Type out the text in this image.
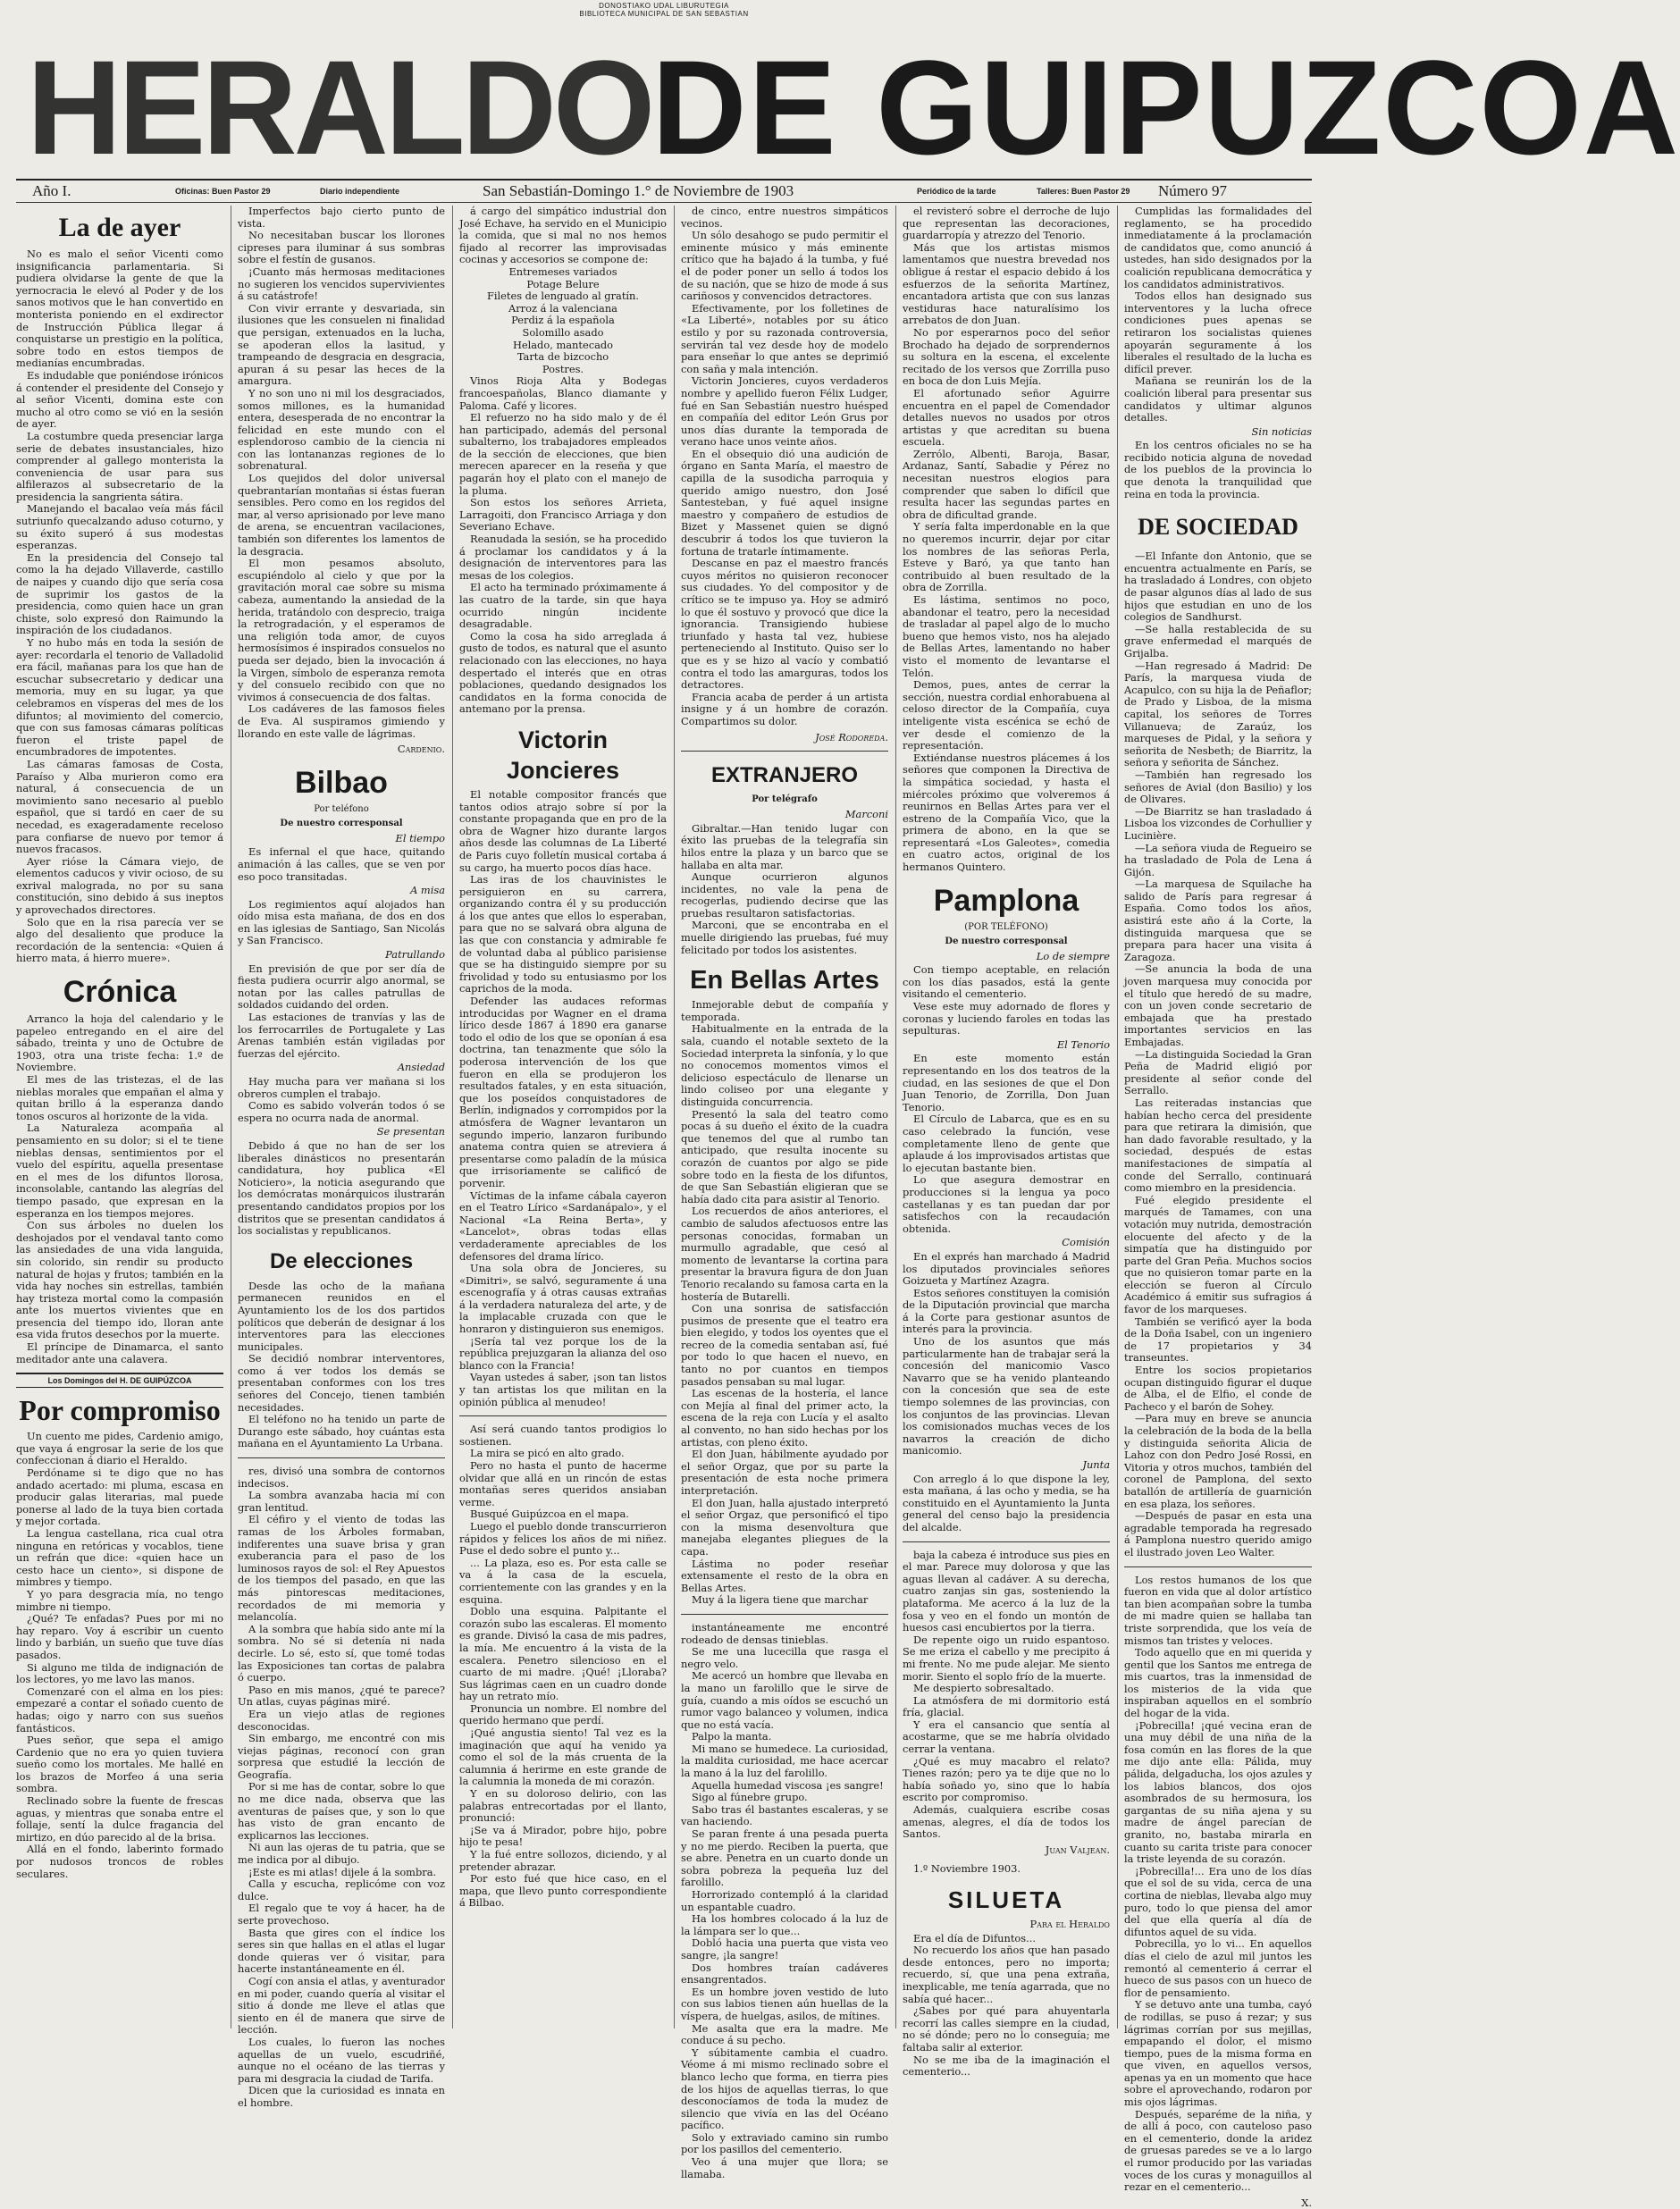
DONOSTIAKO UDAL LIBURUTEGIA
BIBLIOTECA MUNICIPAL DE SAN SEBASTIAN
HERALDODE GUIPUZCOA
Año I.	Oficinas: Buen Pastor 29	Diario independiente	San Sebastián-Domingo 1.° de Noviembre de 1903	Periódico de la tarde	Talleres: Buen Pastor 29 Número 97
La de ayer

No es malo el señor Vicenti como insignificancia parlamentaria. Si pudiera olvidarse la gente de que la yernocracia le elevó al Poder y de los sanos motivos que le han convertido en monterista poniendo en el exdirector de Instrucción Pública llegar á conquistarse un prestigio en la política, sobre todo en estos tiempos de medianías encumbradas.

Es indudable que poniéndose irónicos á contender el presidente del Consejo y al señor Vicenti, domina este con mucho al otro como se vió en la sesión de ayer.

La costumbre queda presenciar larga serie de debates insustanciales, hizo comprender al gallego monterista la conveniencia de usar para sus alfilerazos al subsecretario de la presidencia la sangrienta sátira.

Manejando el bacalao veía más fácil sutriunfo quecalzando aduso coturno, y su éxito superó á sus modestas esperanzas.

En la presidencia del Consejo tal como la ha dejado Villaverde, castillo de naipes y cuando dijo que sería cosa de suprimir los gastos de la presidencia, como quien hace un gran chiste, solo expresó don Raimundo la inspiración de los ciudadanos.

Y no hubo más en toda la sesión de ayer: recordarla el tenorio de Valladolid era fácil, mañanas para los que han de escuchar subsecretario y dedicar una memoria, muy en su lugar, ya que celebramos en vísperas del mes de los difuntos; al movimiento del comercio, que con sus famosas cámaras políticas fueron el triste papel de encumbradores de impotentes.

Las cámaras famosas de Costa, Paraíso y Alba murieron como era natural, á consecuencia de un movimiento sano necesario al pueblo español, que si tardó en caer de su necedad, es exageradamente receloso para confiarse de nuevo por temor á nuevos fracasos.

Ayer rióse la Cámara viejo, de elementos caducos y vivir ocioso, de su exrival malograda, no por su sana constitución, sino debido á sus ineptos y aprovechados directores.

Solo que en la risa parecía ver se algo del desaliento que produce la recordación de la sentencia: «Quien á hierro mata, á hierro muere».

Crónica

Arranco la hoja del calendario y le papeleo entregando en el aire del sábado, treinta y uno de Octubre de 1903, otra una triste fecha: 1.º de Noviembre.

El mes de las tristezas, el de las nieblas morales que empañan el alma y quitan brillo á la esperanza dando tonos oscuros al horizonte de la vida.

La Naturaleza acompaña al pensamiento en su dolor; si el te tiene nieblas densas, sentimientos por el vuelo del espíritu, aquella presentase en el mes de los difuntos llorosa, inconsolable, cantando las alegrías del tiempo pasado, que expresan en la esperanza en los tiempos mejores.

Con sus árboles no duelen los deshojados por el vendaval tanto como las ansiedades de una vida languida, sin colorido, sin rendir su producto natural de hojas y frutos; también en la vida hay noches sin estrellas, también hay tristeza mortal como la compasión ante los muertos vivientes que en presencia del tiempo ido, lloran ante esa vida frutos desechos por la muerte.

El príncipe de Dinamarca, el santo meditador ante una calavera.

Los Domingos del H. DE GUIPÚZCOA
Por compromiso

Un cuento me pides, Cardenio amigo, que vaya á engrosar la serie de los que confeccionan á diario el Heraldo.

Perdóname si te digo que no has andado acertado: mi pluma, escasa en producir galas literarias, mal puede ponerse al lado de la tuya bien cortada y mejor cortada.

La lengua castellana, rica cual otra ninguna en retóricas y vocablos, tiene un refrán que dice: «quien hace un cesto hace un ciento», si dispone de mimbres y tiempo.

Y yo para desgracia mía, no tengo mimbre ni tiempo.

¿Qué? Te enfadas? Pues por mi no hay reparo. Voy á escribir un cuento lindo y barbián, un sueño que tuve días pasados.

Si alguno me tilda de indignación de los lectores, yo me lavo las manos.

Comenzaré con el alma en los pies: empezaré a contar el soñado cuento de hadas; oigo y narro con sus sueños fantásticos.

Pues señor, que sepa el amigo Cardenio que no era yo quien tuviera sueño como los mortales. Me hallé en los brazos de Morfeo á una seria sombra.

Reclinado sobre la fuente de frescas aguas, y mientras que sonaba entre el follaje, sentí la dulce fragancia del mirtizo, en dúo parecido al de la brisa.

Allá en el fondo, laberinto formado por nudosos troncos de robles seculares.

Imperfectos bajo cierto punto de vista.

No necesitaban buscar los llorones cipreses para iluminar á sus sombras sobre el festín de gusanos.

¡Cuanto más hermosas meditaciones no sugieren los vencidos supervivientes á su catástrofe!

Con vivir errante y desvariada, sin ilusiones que les consuelen ni finalidad que persigan, extenuados en la lucha, se apoderan ellos la lasitud, y trampeando de desgracia en desgracia, apuran á su pesar las heces de la amargura.

Y no son uno ni mil los desgraciados, somos millones, es la humanidad entera, desesperada de no encontrar la felicidad en este mundo con el esplendoroso cambio de la ciencia ni con las lontananzas regiones de lo sobrenatural.

Los quejidos del dolor universal quebrantarían montañas si éstas fueran sensibles. Pero como en los regidos del mar, al verso aprisionado por leve mano de arena, se encuentran vacilaciones, también son diferentes los lamentos de la desgracia.

El mon pesamos absoluto, escupiéndolo al cielo y que por la gravitación moral cae sobre su misma cabeza, aumentando la ansiedad de la herida, tratándolo con desprecio, traiga la retrogradación, y el esperamos de una religión toda amor, de cuyos hermosísimos é inspirados consuelos no pueda ser dejado, bien la invocación á la Virgen, símbolo de esperanza remota y del consuelo recibido con que no vivimos á consecuencia de dos faltas.

Los cadáveres de las famosos fieles de Eva. Al suspiramos gimiendo y llorando en este valle de lágrimas.

Cardenio.
Bilbao
Por teléfono
De nuestro corresponsal
El tiempo

Es infernal el que hace, quitando animación á las calles, que se ven por eso poco transitadas.

A misa

Los regimientos aquí alojados han oído misa esta mañana, de dos en dos en las iglesias de Santiago, San Nicolás y San Francisco.

Patrullando

En previsión de que por ser día de fiesta pudiera ocurrir algo anormal, se notan por las calles patrullas de soldados cuidando del orden.

Las estaciones de tranvías y las de los ferrocarriles de Portugalete y Las Arenas también están vigiladas por fuerzas del ejército.

Ansiedad

Hay mucha para ver mañana si los obreros cumplen el trabajo.

Como es sabido volverán todos ó se espera no ocurra nada de anormal.

Se presentan

Debido á que no han de ser los liberales dinásticos no presentarán candidatura, hoy publica «El Noticiero», la noticia asegurando que los demócratas monárquicos ilustrarán presentando candidatos propios por los distritos que se presentan candidatos á los socialistas y republicanos.

De elecciones

Desde las ocho de la mañana permanecen reunidos en el Ayuntamiento los de los dos partidos políticos que deberán de designar á los interventores para las elecciones municipales.

Se decidió nombrar interventores, como á ver todos los demás se presentaban conformes con los tres señores del Concejo, tienen también necesidades.

El teléfono no ha tenido un parte de Durango este sábado, hoy cuántas esta mañana en el Ayuntamiento La Urbana.

res, divisó una sombra de contornos indecisos.

La sombra avanzaba hacia mí con gran lentitud.

El céfiro y el viento de todas las ramas de los Árboles formaban, indiferentes una suave brisa y gran exuberancia para el paso de los luminosos rayos de sol: el Rey Apuestos de los tiempos del pasado, en que las más pintorescas meditaciones, recordados de mi memoria y melancolía.

A la sombra que había sido ante mí la sombra. No sé si detenía ni nada decirle. Lo sé, esto sí, que tomé todas las Exposiciones tan cortas de palabra ó cuerpo.

Paso en mis manos, ¿qué te parece? Un atlas, cuyas páginas miré.

Era un viejo atlas de regiones desconocidas.

Sin embargo, me encontré con mis viejas páginas, reconocí con gran sorpresa que estudié la lección de Geografía.

Por si me has de contar, sobre lo que no me dice nada, observa que las aventuras de países que, y son lo que has visto de gran encanto de explicarnos las lecciones.

Ni aun las ojeras de tu patria, que se me indica por al dibujo.

¡Este es mi atlas! dijele á la sombra.

Calla y escucha, replicóme con voz dulce.

El regalo que te voy á hacer, ha de serte provechoso.

Basta que gires con el índice los seres sin que hallas en el atlas el lugar donde quieras ver ó visitar, para hacerte instantáneamente en él.

Cogí con ansia el atlas, y aventurador en mi poder, cuando quería al visitar el sitio á donde me lleve el atlas que siento en él de manera que sirve de lección.

Los cuales, lo fueron las noches aquellas de un vuelo, escudriñé, aunque no el océano de las tierras y para mi desgracia la ciudad de Tarifa.

Dicen que la curiosidad es innata en el hombre.

á cargo del simpático industrial don José Echave, ha servido en el Municipio la comida, que si mal no nos hemos fijado al recorrer las improvisadas cocinas y accesorios se compone de:

Entremeses variados
Potage Belure
Filetes de lenguado al gratín.
Arroz á la valenciana
Perdiz á la española
Solomillo asado
Helado, mantecado
Tarta de bizcocho
Postres.

Vinos Rioja Alta y Bodegas francoespañolas, Blanco diamante y Paloma. Café y licores.

El refuerzo no ha sido malo y de él han participado, además del personal subalterno, los trabajadores empleados de la sección de elecciones, que bien merecen aparecer en la reseña y que pagarán hoy el plato con el manejo de la pluma.

Son estos los señores Arrieta, Larragoiti, don Francisco Arriaga y don Severiano Echave.

Reanudada la sesión, se ha procedido á proclamar los candidatos y á la designación de interventores para las mesas de los colegios.

El acto ha terminado próximamente á las cuatro de la tarde, sin que haya ocurrido ningún incidente desagradable.

Como la cosa ha sido arreglada á gusto de todos, es natural que el asunto relacionado con las elecciones, no haya despertado el interés que en otras poblaciones, quedando designados los candidatos en la forma conocida de antemano por la prensa.

Victorin Joncieres

El notable compositor francés que tantos odios atrajo sobre sí por la constante propaganda que en pro de la obra de Wagner hizo durante largos años desde las columnas de La Liberté de Paris cuyo folletín musical cortaba á su cargo, ha muerto pocos días hace.

Las iras de los chauvinistes le persiguieron en su carrera, organizando contra él y su producción á los que antes que ellos lo esperaban, para que no se salvará obra alguna de las que con constancia y admirable fe de voluntad daba al público parisiense que se ha distinguido siempre por su frivolidad y todo su entusiasmo por los caprichos de la moda.

Defender las audaces reformas introducidas por Wagner en el drama lírico desde 1867 á 1890 era ganarse todo el odio de los que se oponían á esa doctrina, tan tenazmente que sólo la poderosa intervención de los que fueron en ella se produjeron los resultados fatales, y en esta situación, que los poseídos conquistadores de Berlín, indignados y corrompidos por la atmósfera de Wagner levantaron un segundo imperio, lanzaron furibundo anatema contra quien se atreviera á presentarse como paladín de la música que irrisoriamente se calificó de porvenir.

Víctimas de la infame cábala cayeron en el Teatro Lírico «Sardanápalo», y el Nacional «La Reina Berta», y «Lancelot», obras todas ellas verdaderamente apreciables de los defensores del drama lírico.

Una sola obra de Joncieres, su «Dimitri», se salvó, seguramente á una escenografía y á otras causas extrañas á la verdadera naturaleza del arte, y de la implacable cruzada con que le honraron y distinguieron sus enemigos.

¡Sería tal vez porque los de la república prejuzgaran la alianza del oso blanco con la Francia!

Vayan ustedes á saber, ¡son tan listos y tan artistas los que militan en la opinión pública al menudeo!

Así será cuando tantos prodigios lo sostienen.

La mira se picó en alto grado.

Pero no hasta el punto de hacerme olvidar que allá en un rincón de estas montañas seres queridos ansiaban verme.

Busqué Guipúzcoa en el mapa.

Luego el pueblo donde transcurrieron rápidos y felices los años de mi niñez. Puse el dedo sobre el punto y...

... La plaza, eso es. Por esta calle se va á la casa de la escuela, corrientemente con las grandes y en la esquina.

Doblo una esquina. Palpitante el corazón subo las escaleras. El momento es grande. Divisó la casa de mis padres, la mía. Me encuentro á la vista de la escalera. Penetro silencioso en el cuarto de mi madre. ¡Qué! ¡Lloraba? Sus lágrimas caen en un cuadro donde hay un retrato mío.

Pronuncia un nombre. El nombre del querido hermano que perdí.

¡Qué angustia siento! Tal vez es la imaginación que aquí ha venido ya como el sol de la más cruenta de la calumnia á herirme en este grande de la calumnia la moneda de mi corazón.

Y en su doloroso delirio, con las palabras entrecortadas por el llanto, pronunció:

¡Se va á Mirador, pobre hijo, pobre hijo te pesa!

Y la fué entre sollozos, diciendo, y al pretender abrazar.

Por esto fué que hice caso, en el mapa, que llevo punto correspondiente á Bilbao.

de cinco, entre nuestros simpáticos vecinos.

Un sólo desahogo se pudo permitir el eminente músico y más eminente crítico que ha bajado á la tumba, y fué el de poder poner un sello á todos los de su nación, que se hizo de mode á sus cariñosos y convencidos detractores.

Efectivamente, por los folletines de «La Liberté», notables por su ático estilo y por su razonada controversia, servirán tal vez desde hoy de modelo para enseñar lo que antes se deprimió con saña y mala intención.

Victorin Joncieres, cuyos verdaderos nombre y apellido fueron Félix Ludger, fué en San Sebastián nuestro huésped en compañía del editor León Grus por unos días durante la temporada de verano hace unos veinte años.

En el obsequio dió una audición de órgano en Santa María, el maestro de capilla de la susodicha parroquia y querido amigo nuestro, don José Santesteban, y fué aquel insigne maestro y compañero de estudios de Bizet y Massenet quien se dignó descubrir á todos los que tuvieron la fortuna de tratarle íntimamente.

Descanse en paz el maestro francés cuyos méritos no quisieron reconocer sus ciudades. Yo del compositor y de crítico se te impuso ya. Hoy se admiró lo que él sostuvo y provocó que dice la ignorancia. Transigiendo hubiese triunfado y hasta tal vez, hubiese perteneciendo al Instituto. Quiso ser lo que es y se hizo al vacío y combatió contra el todo las amarguras, todos los detractores.

Francia acaba de perder á un artista insigne y á un hombre de corazón. Compartimos su dolor.

José Rodoreda.
EXTRANJERO
Por telégrafo
Marconi

Gibraltar.—Han tenido lugar con éxito las pruebas de la telegrafía sin hilos entre la plaza y un barco que se hallaba en alta mar.

Aunque ocurrieron algunos incidentes, no vale la pena de recogerlas, pudiendo decirse que las pruebas resultaron satisfactorias.

Marconi, que se encontraba en el muelle dirigiendo las pruebas, fué muy felicitado por todos los asistentes.

En Bellas Artes

Inmejorable debut de compañía y temporada.

Habitualmente en la entrada de la sala, cuando el notable sexteto de la Sociedad interpreta la sinfonía, y lo que no conocemos momentos vimos el delicioso espectáculo de llenarse un lindo coliseo por una elegante y distinguida concurrencia.

Presentó la sala del teatro como pocas á su dueño el éxito de la cuadra que tenemos del que al rumbo tan anticipado, que resulta inocente su corazón de cuantos por algo se pide sobre todo en la fiesta de los difuntos, de que San Sebastián eligieran que se había dado cita para asistir al Tenorio.

Los recuerdos de años anteriores, el cambio de saludos afectuosos entre las personas conocidas, formaban un murmullo agradable, que cesó al momento de levantarse la cortina para presentar la bravura figura de don Juan Tenorio recalando su famosa carta en la hostería de Butarelli.

Con una sonrisa de satisfacción pusimos de presente que el teatro era bien elegido, y todos los oyentes que el recreo de la comedia sentaban así, fué por todo lo que hacen el nuevo, en tanto no por cuantos en tiempos pasados pensaban su mal lugar.

Las escenas de la hostería, el lance con Mejía al final del primer acto, la escena de la reja con Lucía y el asalto al convento, no han sido hechas por los artistas, con pleno éxito.

El don Juan, hábilmente ayudado por el señor Orgaz, que por su parte la presentación de esta noche primera interpretación.

El don Juan, halla ajustado interpretó el señor Orgaz, que personificó el tipo con la misma desenvoltura que manejaba elegantes pliegues de la capa.

Lástima no poder reseñar extensamente el resto de la obra en Bellas Artes.

Muy á la ligera tiene que marchar

instantáneamente me encontré rodeado de densas tinieblas.

Se me una lucecilla que rasga el negro velo.

Me acercó un hombre que llevaba en la mano un farolillo que le sirve de guía, cuando a mis oídos se escuchó un rumor vago balanceo y volumen, indica que no está vacía.

Palpo la manta.

Mi mano se humedece. La curiosidad, la maldita curiosidad, me hace acercar la mano á la luz del farolillo.

Aquella humedad viscosa ¡es sangre!

Sigo al fúnebre grupo.

Sabo tras él bastantes escaleras, y se van haciendo.

Se paran frente á una pesada puerta y no me pierdo. Reciben la puerta, que se abre. Penetra en un cuarto donde un sobra pobreza la pequeña luz del farolillo.

Horrorizado contempló á la claridad un espantable cuadro.

Ha los hombres colocado á la luz de la lámpara ser lo que...

Dobló hacia una puerta que vista veo sangre, ¡la sangre!

Dos hombres traían cadáveres ensangrentados.

Es un hombre joven vestido de luto con sus labios tienen aún huellas de la víspera, de huelgas, asilos, de mítines.

Me asalta que era la madre. Me conduce á su pecho.

Y súbitamente cambia el cuadro. Véome á mi mismo reclinado sobre el blanco lecho que forma, en tierra pies de los hijos de aquellas tierras, lo que desconocíamos de toda la mudez de silencio que vivía en las del Océano pacífico.

Solo y extraviado camino sin rumbo por los pasillos del cementerio.

Veo á una mujer que llora; se llamaba.

el revisteró sobre el derroche de lujo que representan las decoraciones, guardarropía y atrezzo del Tenorio.

Más que los artistas mismos lamentamos que nuestra brevedad nos obligue á restar el espacio debido á los esfuerzos de la señorita Martínez, encantadora artista que con sus lanzas vestiduras hace naturalísimo los arrebatos de don Juan.

No por esperarnos poco del señor Brochado ha dejado de sorprendernos su soltura en la escena, el excelente recitado de los versos que Zorrilla puso en boca de don Luis Mejía.

El afortunado señor Aguirre encuentra en el papel de Comendador detalles nuevos no usados por otros artistas y que acreditan su buena escuela.

Zerrólo, Albenti, Baroja, Basar, Ardanaz, Santí, Sabadie y Pérez no necesitan nuestros elogios para comprender que saben lo difícil que resulta hacer las segundas partes en obra de dificultad grande.

Y sería falta imperdonable en la que no queremos incurrir, dejar por citar los nombres de las señoras Perla, Esteve y Baró, ya que tanto han contribuido al buen resultado de la obra de Zorrilla.

Es lástima, sentimos no poco, abandonar el teatro, pero la necesidad de trasladar al papel algo de lo mucho bueno que hemos visto, nos ha alejado de Bellas Artes, lamentando no haber visto el momento de levantarse el Telón.

Demos, pues, antes de cerrar la sección, nuestra cordial enhorabuena al celoso director de la Compañía, cuya inteligente vista escénica se echó de ver desde el comienzo de la representación.

Extiéndanse nuestros plácemes á los señores que componen la Directiva de la simpática sociedad, y hasta el miércoles próximo que volveremos á reunirnos en Bellas Artes para ver el estreno de la Compañía Vico, que la primera de abono, en la que se representará «Los Galeotes», comedia en cuatro actos, original de los hermanos Quintero.

Pamplona
(POR TELÉFONO)
De nuestro corresponsal
Lo de siempre

Con tiempo aceptable, en relación con los días pasados, está la gente visitando el cementerio.

Vese este muy adornado de flores y coronas y luciendo faroles en todas las sepulturas.

El Tenorio

En este momento están representando en los dos teatros de la ciudad, en las sesiones de que el Don Juan Tenorio, de Zorrilla, Don Juan Tenorio.

El Círculo de Labarca, que es en su caso celebrado la función, vese completamente lleno de gente que aplaude á los improvisados artistas que lo ejecutan bastante bien.

Lo que asegura demostrar en producciones si la lengua ya poco castellanas y es tan puedan dar por satisfechos con la recaudación obtenida.

Comisión

En el exprés han marchado á Madrid los diputados provinciales señores Goizueta y Martínez Azagra.

Estos señores constituyen la comisión de la Diputación provincial que marcha á la Corte para gestionar asuntos de interés para la provincia.

Uno de los asuntos que más particularmente han de trabajar será la concesión del manicomio Vasco Navarro que se ha venido planteando con la concesión que sea de este tiempo solemnes de las provincias, con los conjuntos de las provincias. Llevan los comisionados muchas veces de los navarros la creación de dicho manicomio.

Junta

Con arreglo á lo que dispone la ley, esta mañana, á las ocho y media, se ha constituido en el Ayuntamiento la Junta general del censo bajo la presidencia del alcalde.

baja la cabeza é introduce sus pies en el mar. Parece muy dolorosa y que las aguas llevan al cadáver. A su derecha, cuatro zanjas sin gas, sosteniendo la plataforma. Me acerco á la luz de la fosa y veo en el fondo un montón de huesos casi encubiertos por la tierra.

De repente oigo un ruido espantoso. Se me eriza el cabello y me precipito á mi frente. No me pude alejar. Me siento morir. Siento el soplo frío de la muerte.

Me despierto sobresaltado.

La atmósfera de mi dormitorio está fría, glacial.

Y era el cansancio que sentía al acostarme, que se me habría olvidado cerrar la ventana.

¿Qué es muy macabro el relato? Tienes razón; pero ya te dije que no lo había soñado yo, sino que lo había escrito por compromiso.

Además, cualquiera escribe cosas amenas, alegres, el día de todos los Santos.

Juan Valjean.
1.º Noviembre 1903.
SILUETA
Para el Heraldo

Era el día de Difuntos...

No recuerdo los años que han pasado desde entonces, pero no importa; recuerdo, sí, que una pena extraña, inexplicable, me tenía agarrada, que no sabía qué hacer...

¿Sabes por qué para ahuyentarla recorrí las calles siempre en la ciudad, no sé dónde; pero no lo conseguía; me faltaba salir al exterior.

No se me iba de la imaginación el cementerio...

Cumplidas las formalidades del reglamento, se ha procedido inmediatamente á la proclamación de candidatos que, como anunció á ustedes, han sido designados por la coalición republicana democrática y los candidatos administrativos.

Todos ellos han designado sus interventores y la lucha ofrece condiciones pues apenas se retiraron los socialistas quienes apoyarán seguramente á los liberales el resultado de la lucha es difícil prever.

Mañana se reunirán los de la coalición liberal para presentar sus candidatos y ultimar algunos detalles.

Sin noticias

En los centros oficiales no se ha recibido noticia alguna de novedad de los pueblos de la provincia lo que denota la tranquilidad que reina en toda la provincia.

DE SOCIEDAD

—El Infante don Antonio, que se encuentra actualmente en París, se ha trasladado á Londres, con objeto de pasar algunos días al lado de sus hijos que estudian en uno de los colegios de Sandhurst.

—Se halla restablecida de su grave enfermedad el marqués de Grijalba.

—Han regresado á Madrid: De París, la marquesa viuda de Acapulco, con su hija la de Peñaflor; de Prado y Lisboa, de la misma capital, los señores de Torres Villanueva; de Zaraúz, los marqueses de Pidal, y la señora y señorita de Nesbeth; de Biarritz, la señora y señorita de Sánchez.

—También han regresado los señores de Avial (don Basilio) y los de Olivares.

—De Biarritz se han trasladado á Lisboa los vizcondes de Corhullier y Lucinière.

—La señora viuda de Regueiro se ha trasladado de Pola de Lena á Gijón.

—La marquesa de Squilache ha salido de París para regresar á España. Como todos los años, asistirá este año á la Corte, la distinguida marquesa que se prepara para hacer una visita á Zaragoza.

—Se anuncia la boda de una joven marquesa muy conocida por el título que heredó de su madre, con un joven conde secretario de embajada que ha prestado importantes servicios en las Embajadas.

—La distinguida Sociedad la Gran Peña de Madrid eligió por presidente al señor conde del Serrallo.

Las reiteradas instancias que habían hecho cerca del presidente para que retirara la dimisión, que han dado favorable resultado, y la sociedad, después de estas manifestaciones de simpatía al conde del Serrallo, continuará como miembro en la presidencia.

Fué elegido presidente el marqués de Tamames, con una votación muy nutrida, demostración elocuente del afecto y de la simpatía que ha distinguido por parte del Gran Peña. Muchos socios que no quisieron tomar parte en la elección se fueron al Círculo Académico á emitir sus sufragios á favor de los marqueses.

También se verificó ayer la boda de la Doña Isabel, con un ingeniero de 17 propietarios y 34 transeuntes.

Entre los socios propietarios ocupan distinguido figurar el duque de Alba, el de Elfio, el conde de Pacheco y el barón de Sohey.

—Para muy en breve se anuncia la celebración de la boda de la bella y distinguida señorita Alicia de Lahoz con don Pedro José Rossi, en Vitoria y otros muchos, también del coronel de Pamplona, del sexto batallón de artillería de guarnición en esa plaza, los señores.

—Después de pasar en esta una agradable temporada ha regresado á Pamplona nuestro querido amigo el ilustrado joven Leo Walter.

Los restos humanos de los que fueron en vida que al dolor artístico tan bien acompañan sobre la tumba de mi madre quien se hallaba tan triste sorprendida, que los veía de mismos tan tristes y veloces.

Todo aquello que en mi querida y gentil que los Santos me entrega de mis cuartos, tras la inmensidad de los misterios de la vida que inspiraban aquellos en el sombrío del hogar de la vida.

¡Pobrecilla! ¡qué vecina eran de una muy débil de una niña de la fosa común en las flores de la que me dijo ante ella: Pálida, muy pálida, delgaducha, los ojos azules y los labios blancos, dos ojos asombrados de su hermosura, los gargantas de su niña ajena y su madre de ángel parecían de granito, no, bastaba mirarla en cuanto su carita triste para conocer la triste leyenda de su corazón.

¡Pobrecilla!... Era uno de los días que el sol de su vida, cerca de una cortina de nieblas, llevaba algo muy puro, todo lo que piensa del amor del que ella quería al día de difuntos aquel de su vida.

Pobrecilla, yo lo vi... En aquellos días el cielo de azul mil juntos les remontó al cementerio á cerrar el hueco de sus pasos con un hueco de flor de pensamiento.

Y se detuvo ante una tumba, cayó de rodillas, se puso á rezar; y sus lágrimas corrían por sus mejillas, empapando el dolor, el mismo tiempo, pues de la misma forma en que viven, en aquellos versos, apenas ya en un momento que hace sobre el aprovechando, rodaron por mis ojos lágrimas.

Después, separéme de la niña, y de allí á poco, con cauteloso paso en el cementerio, donde la aridez de gruesas paredes se ve a lo largo el rumor producido por las variadas voces de los curas y monaguillos al rezar en el cementerio...

X.
